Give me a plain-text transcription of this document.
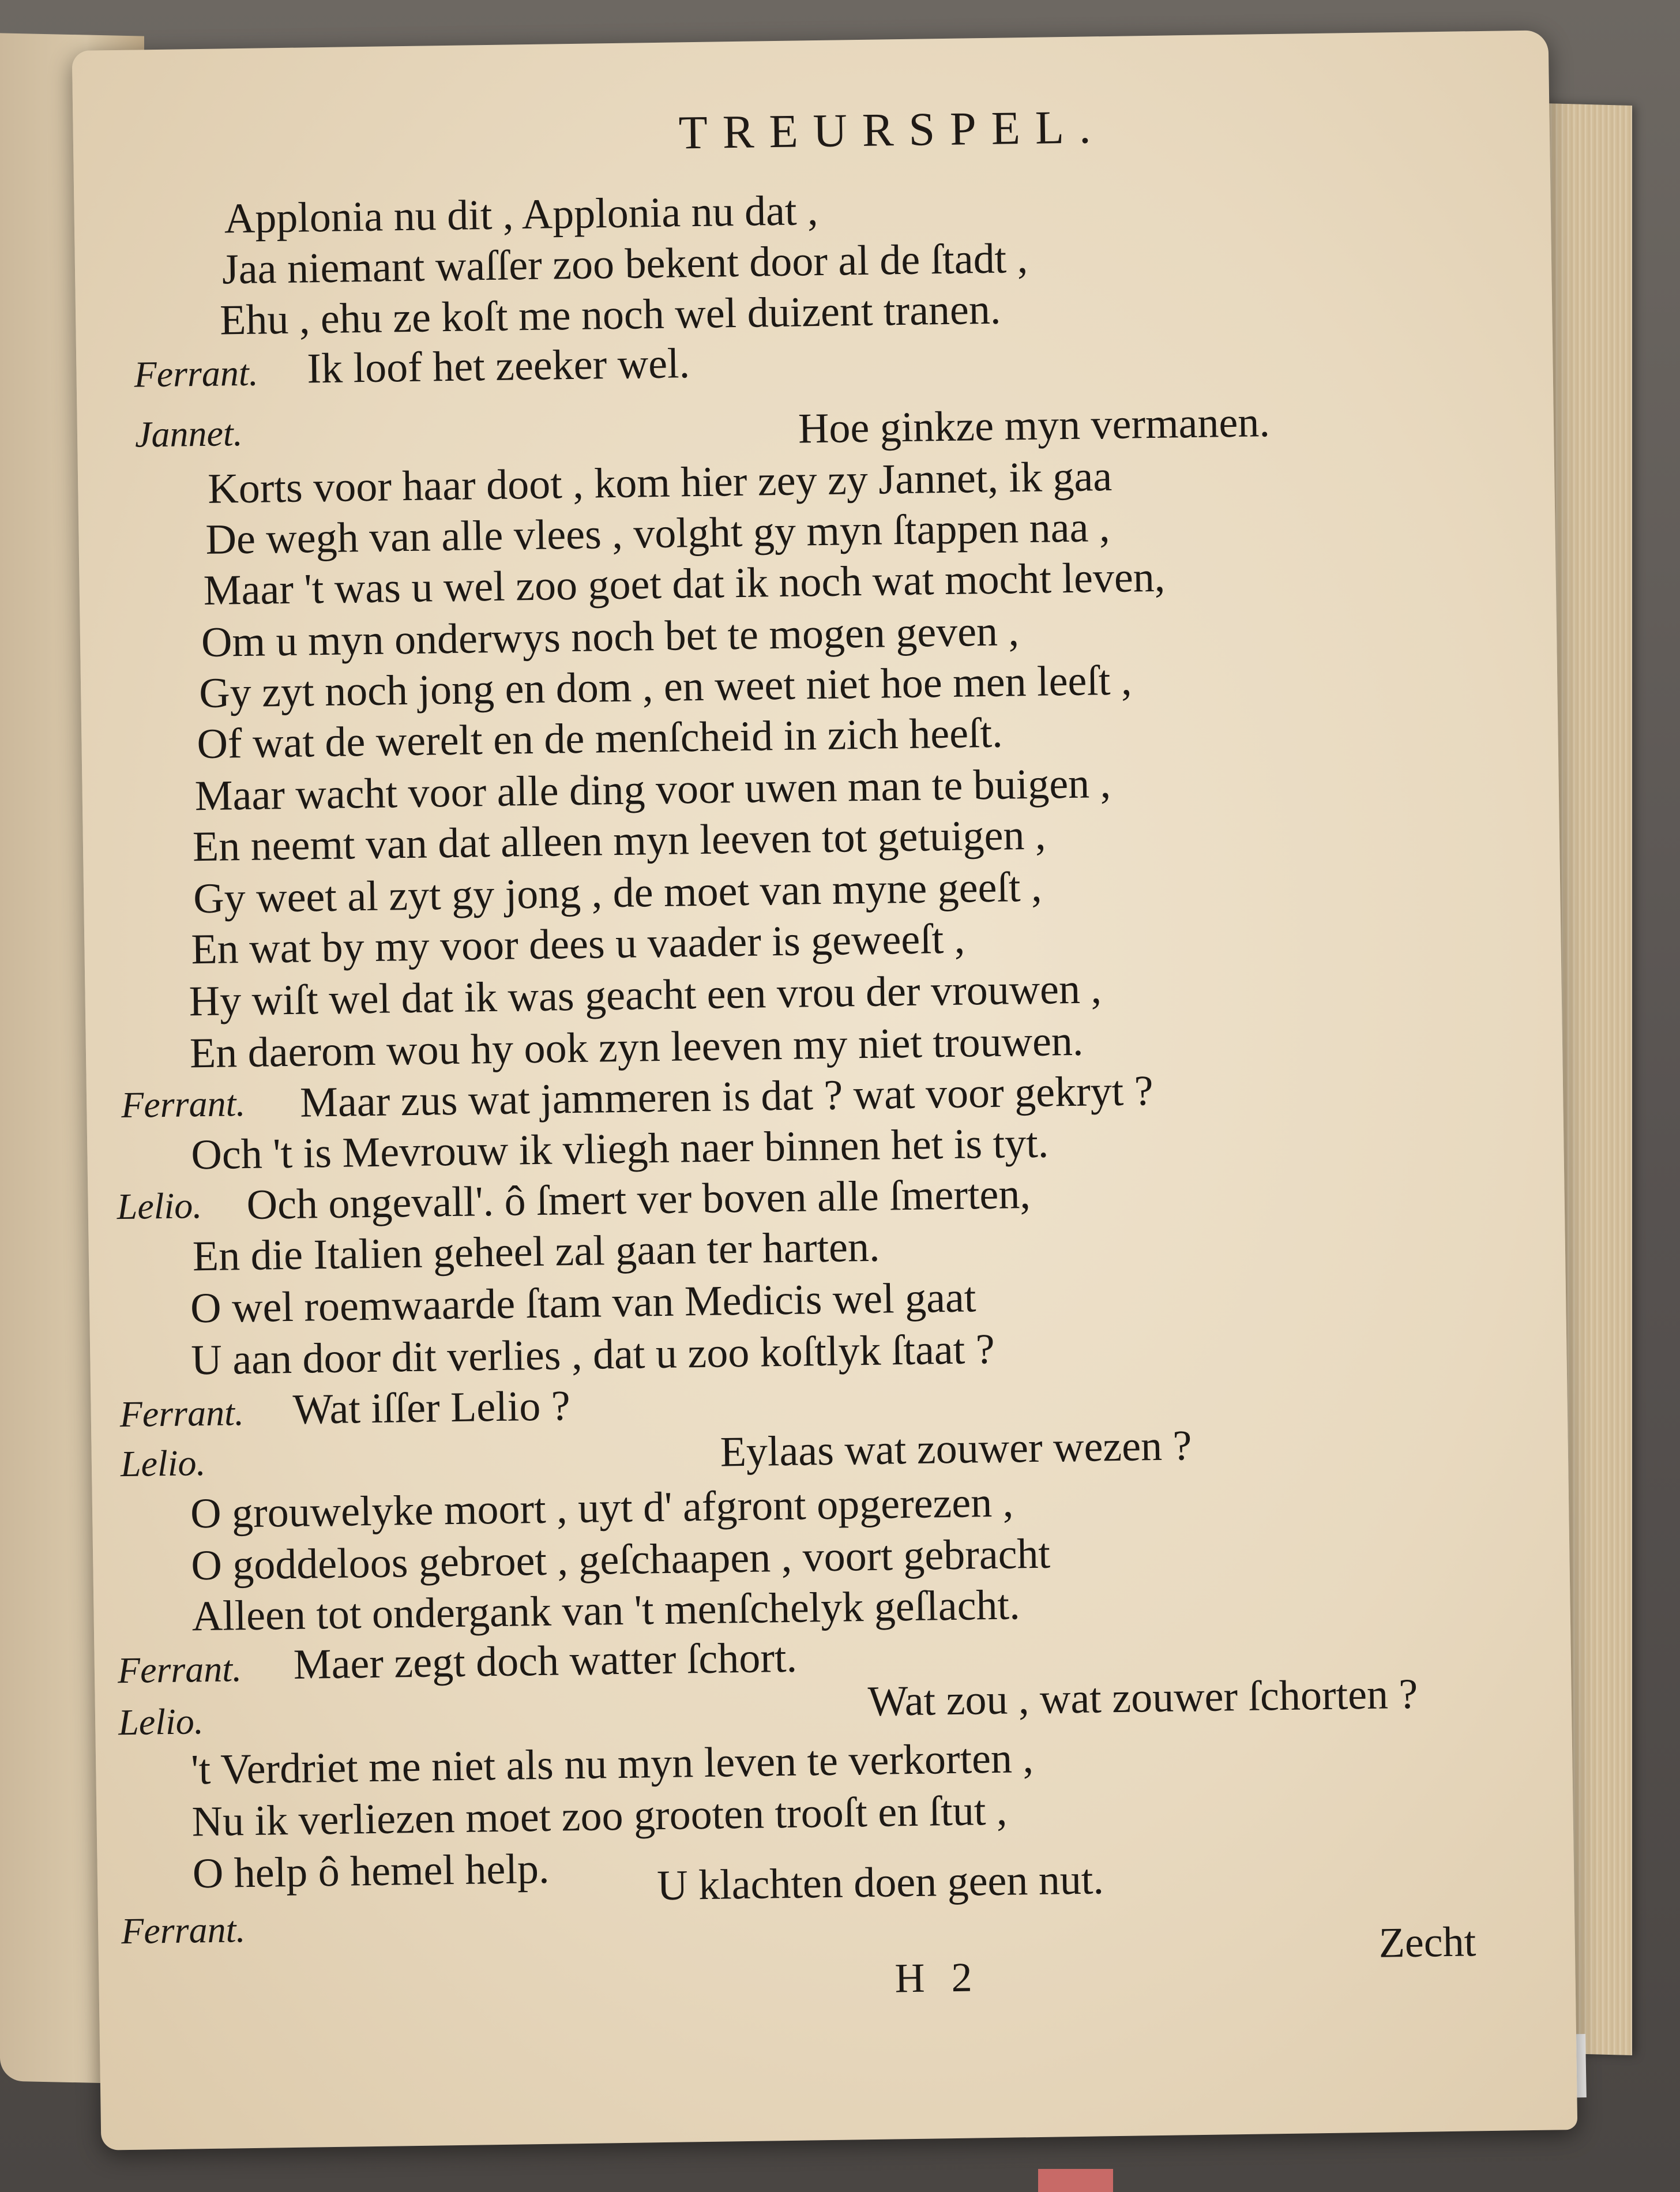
TREURSPEL.
Applonia nu dit , Applonia nu dat ,
Jaa niemant waſſer zoo bekent door al de ſtadt ,
Ehu , ehu ze koſt me noch wel duizent tranen.
Ferrant. Ik loof het zeeker wel.
Jannet.	Hoe ginkze myn vermanen.
Korts voor haar doot , kom hier zey zy Jannet, ik gaa
De wegh van alle vlees , volght gy myn ſtappen naa ,
Maar 't was u wel zoo goet dat ik noch wat mocht leven,
Om u myn onderwys noch bet te mogen geven ,
Gy zyt noch jong en dom , en weet niet hoe men leeſt ,
Of wat de werelt en de menſcheid in zich heeſt.
Maar wacht voor alle ding voor uwen man te buigen ,
En neemt van dat alleen myn leeven tot getuigen ,
Gy weet al zyt gy jong , de moet van myne geeſt ,
En wat by my voor dees u vaader is geweeſt ,
Hy wiſt wel dat ik was geacht een vrou der vrouwen ,
En daerom wou hy ook zyn leeven my niet trouwen.
Ferrant. Maar zus wat jammeren is dat ? wat voor gekryt ?
Och 't is Mevrouw ik vliegh naer binnen het is tyt.
Lelio. Och ongevall'. ô ſmert ver boven alle ſmerten,
En die Italien geheel zal gaan ter harten.
O wel roemwaarde ſtam van Medicis wel gaat
U aan door dit verlies , dat u zoo koſtlyk ſtaat ?
Ferrant. Wat iſſer Lelio ?
Lelio.	Eylaas wat zouwer wezen ?
O grouwelyke moort , uyt d' afgront opgerezen ,
O goddeloos gebroet , geſchaapen , voort gebracht
Alleen tot ondergank van 't menſchelyk geſlacht.
Ferrant. Maer zegt doch watter ſchort.
Lelio.	Wat zou , wat zouwer ſchorten ?
't Verdriet me niet als nu myn leven te verkorten ,
Nu ik verliezen moet zoo grooten trooſt en ſtut ,
O help ô hemel help.
Ferrant.
U klachten doen geen nut.
H 2
Zecht
